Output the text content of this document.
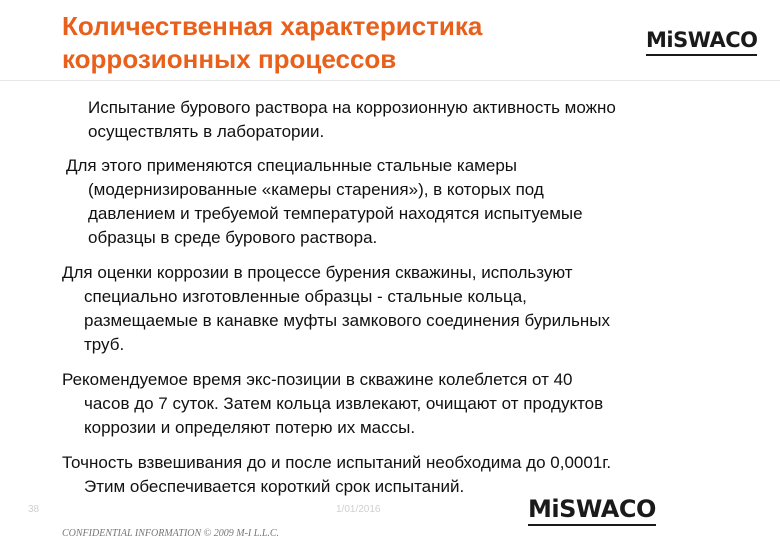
Количественная характеристика
коррозионных процессов
MiSWACO

Испытание бурового раствора на коррозионную активность можно
осуществлять в лаборатории.

Для этого применяются специальнные стальные камеры
(модернизированные «камеры старения»), в которых под
давлением и требуемой температурой находятся испытуемые
образцы в среде бурового раствора.

Для оценки коррозии в процессе бурения скважины, используют
специально изготовленные образцы - стальные кольца,
размещаемые в канавке муфты замкового соединения бурильных
труб.

Рекомендуемое время экс-позиции в скважине колеблется от 40
часов до 7 суток. Затем кольца извлекают, очищают от продуктов
коррозии и определяют потерю их массы.

Точность взвешивания до и после испытаний необходима до 0,0001г.
Этим обеспечивается короткий срок испытаний.

38	1/01/2016	MiSWACO
CONFIDENTIAL INFORMATION © 2009 M-I L.L.C.
